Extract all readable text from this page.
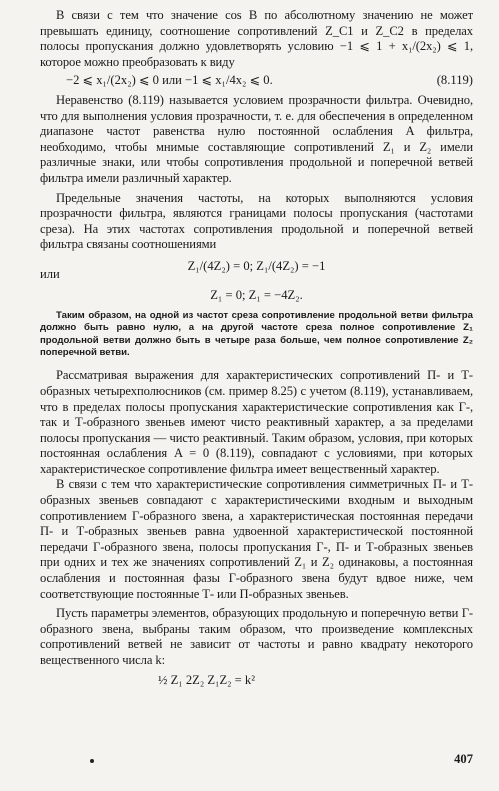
В связи с тем что значение cos B по абсолютному значению не может превышать единицу, соотношение сопротивлений Z_C1 и Z_C2 в пределах полосы пропускания должно удовлетворять условию −1 ⩽ 1 + x₁/(2x₂) ⩽ 1, которое можно преобразовать к виду

−2 ⩽ x₁/(2x₂) ⩽ 0 или −1 ⩽ x₁/4x₂ ⩽ 0.	(8.119)

Неравенство (8.119) называется условием прозрачности фильтра. Очевидно, что для выполнения условия прозрачности, т. е. для обеспечения в определенном диапазоне частот равенства нулю постоянной ослабления A фильтра, необходимо, чтобы мнимые составляющие сопротивлений Z₁ и Z₂ имели различные знаки, или чтобы сопротивления продольной и поперечной ветвей фильтра имели различный характер.

Предельные значения частоты, на которых выполняются условия прозрачности фильтра, являются границами полосы пропускания (частотами среза). На этих частотах сопротивления продольной и поперечной ветвей фильтра связаны соотношениями

Z₁/(4Z₂) = 0; Z₁/(4Z₂) = −1
или
Z₁ = 0; Z₁ = −4Z₂.
Таким образом, на одной из частот среза сопротивление продольной ветви фильтра должно быть равно нулю, а на другой частоте среза полное сопротивление Z₁ продольной ветви должно быть в четыре раза больше, чем полное сопротивление Z₂ поперечной ветви.

Рассматривая выражения для характеристических сопротивлений П- и Т-образных четырехполюсников (см. пример 8.25) с учетом (8.119), устанавливаем, что в пределах полосы пропускания характеристические сопротивления как Г-, так и Т-образного звеньев имеют чисто реактивный характер, а за пределами полосы пропускания — чисто реактивный. Таким образом, условия, при которых постоянная ослабления A = 0 (8.119), совпадают с условиями, при которых характеристическое сопротивление фильтра имеет вещественный характер.

В связи с тем что характеристические сопротивления симметричных П- и Т-образных звеньев совпадают с характеристическими входным и выходным сопротивлением Г-образного звена, а характеристическая постоянная передачи П- и Т-образных звеньев равна удвоенной характеристической постоянной передачи Г-образного звена, полосы пропускания Г-, П- и Т-образных звеньев при одних и тех же значениях сопротивлений Z₁ и Z₂ одинаковы, а постоянная ослабления и постоянная фазы Г-образного звена будут вдвое ниже, чем соответствующие постоянные Т- или П-образных звеньев.

Пусть параметры элементов, образующих продольную и поперечную ветви Г-образного звена, выбраны таким образом, что произведение комплексных сопротивлений ветвей не зависит от частоты и равно квадрату некоторого вещественного числа k:

½ Z₁ 2Z₂ Z₁Z₂ = k²
407
